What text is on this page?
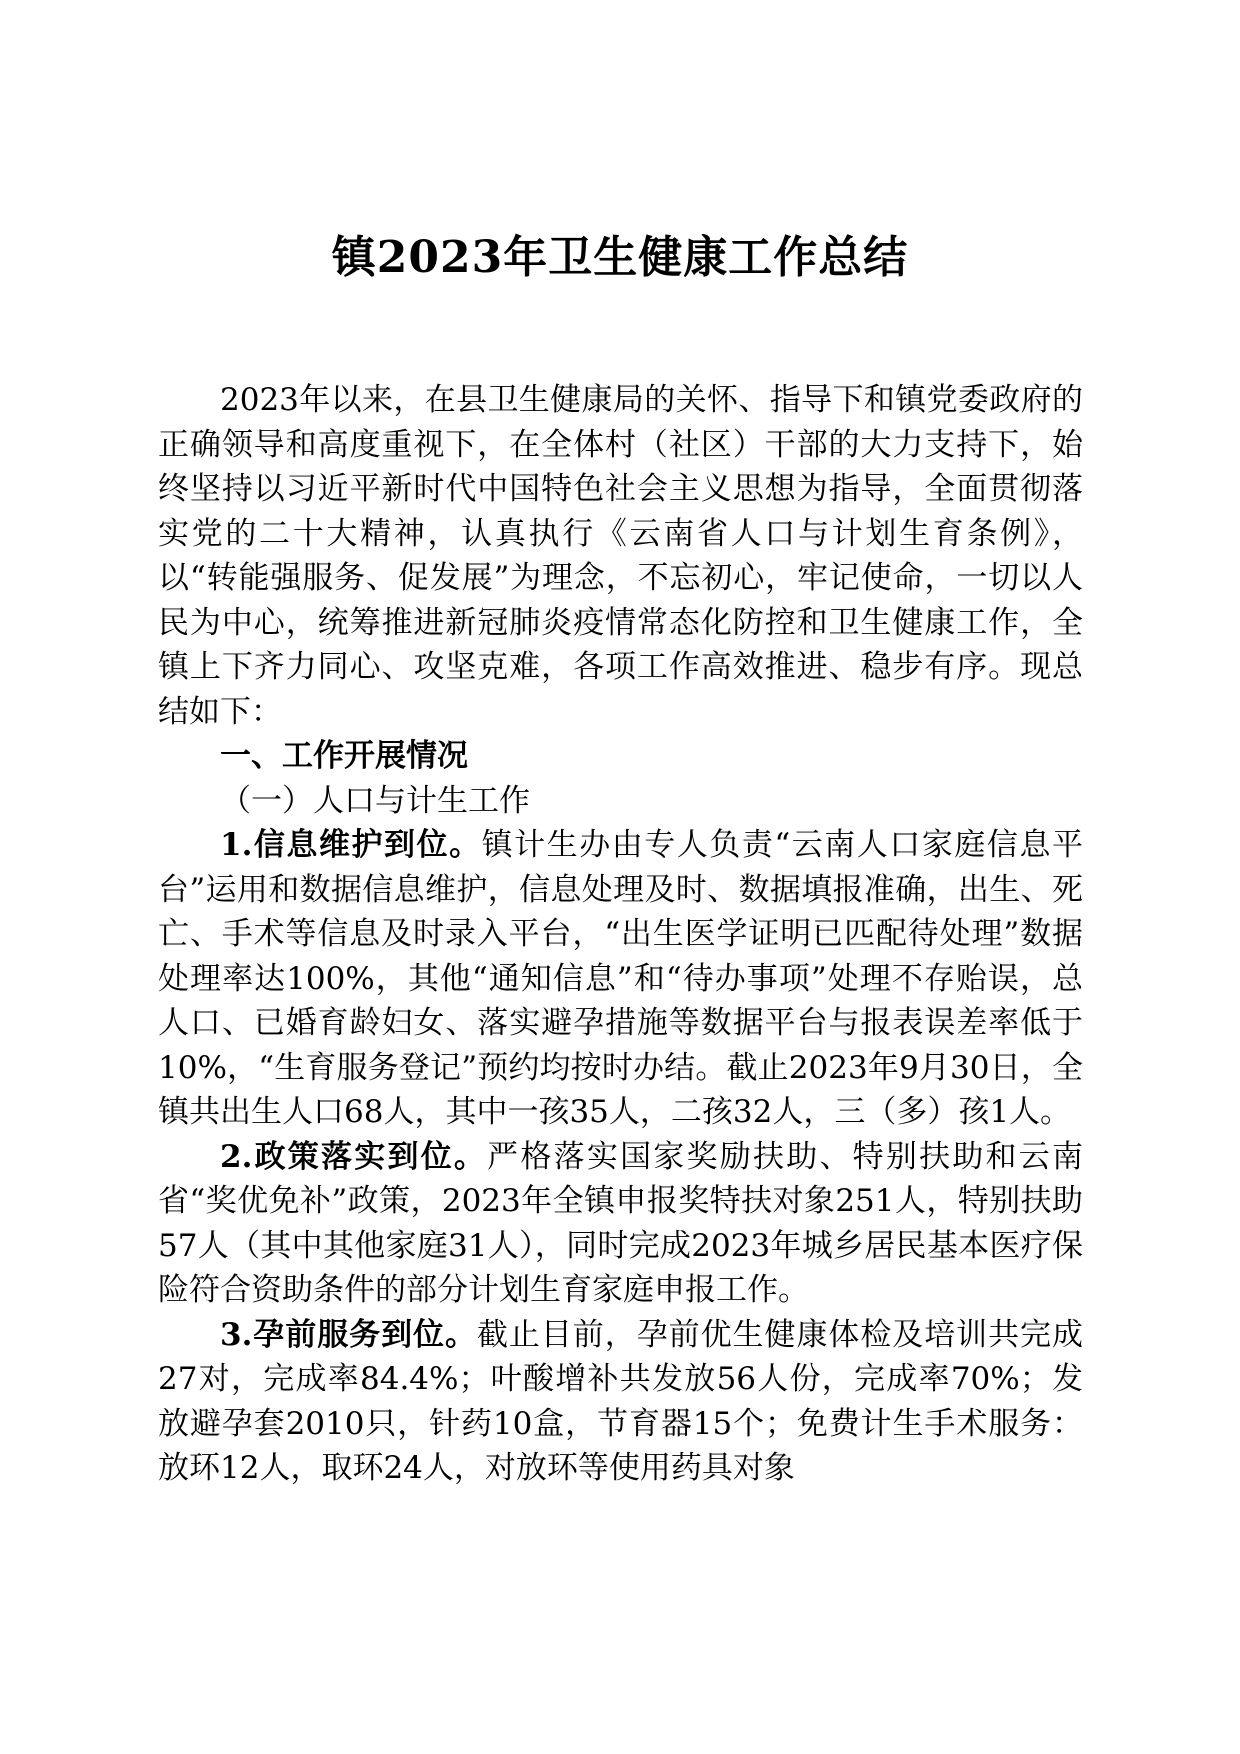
镇2023年卫生健康工作总结

2023年以来，在县卫生健康局的关怀、指导下和镇党委政府的正确领导和高度重视下，在全体村（社区）干部的大力支持下，始终坚持以习近平新时代中国特色社会主义思想为指导，全面贯彻落实党的二十大精神，认真执行《云南省人口与计划生育条例》，以“转能强服务、促发展”为理念，不忘初心，牢记使命，一切以人民为中心，统筹推进新冠肺炎疫情常态化防控和卫生健康工作，全镇上下齐力同心、攻坚克难，各项工作高效推进、稳步有序。现总结如下：

一、工作开展情况

（一）人口与计生工作

1.信息维护到位。镇计生办由专人负责“云南人口家庭信息平台”运用和数据信息维护，信息处理及时、数据填报准确，出生、死亡、手术等信息及时录入平台，“出生医学证明已匹配待处理”数据处理率达100%，其他“通知信息”和“待办事项”处理不存贻误，总人口、已婚育龄妇女、落实避孕措施等数据平台与报表误差率低于10%，“生育服务登记”预约均按时办结。截止2023年9月30日，全镇共出生人口68人，其中一孩35人，二孩32人，三（多）孩1人。

2.政策落实到位。严格落实国家奖励扶助、特别扶助和云南省“奖优免补”政策，2023年全镇申报奖特扶对象251人，特别扶助57人（其中其他家庭31人），同时完成2023年城乡居民基本医疗保险符合资助条件的部分计划生育家庭申报工作。

3.孕前服务到位。截止目前，孕前优生健康体检及培训共完成27对，完成率84.4%；叶酸增补共发放56人份，完成率70%；发放避孕套2010只，针药10盒，节育器15个；免费计生手术服务：放环12人，取环24人，对放环等使用药具对象
